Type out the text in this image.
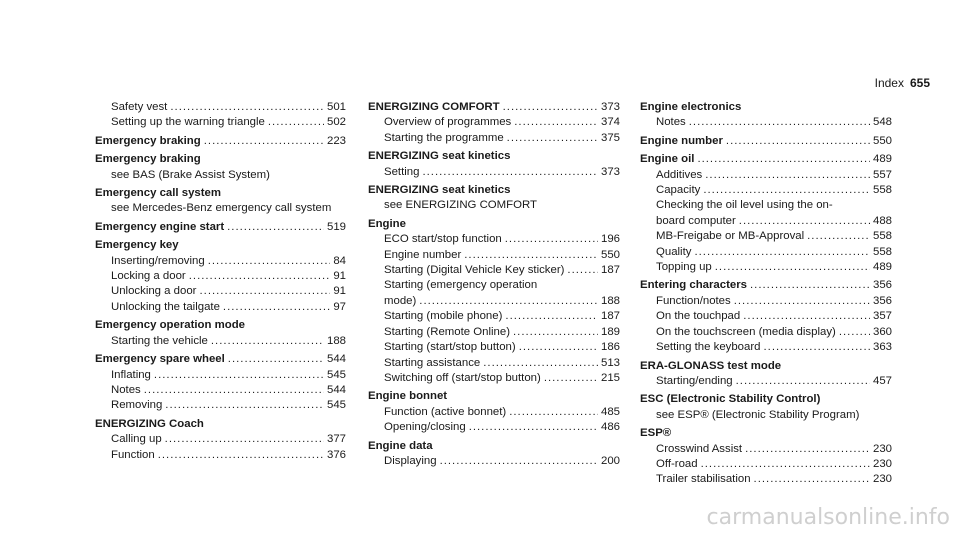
Index 655
Safety vest .....	501
Setting up the warning triangle .....	502
Emergency braking .....	223
Emergency braking
see BAS (Brake Assist System)
Emergency call system
see Mercedes-Benz emergency call system
Emergency engine start .....	519
Emergency key
Inserting/removing .....	84
Locking a door .....	91
Unlocking a door .....	91
Unlocking the tailgate .....	97
Emergency operation mode
Starting the vehicle .....	188
Emergency spare wheel .....	544
Inflating .....	545
Notes .....	544
Removing .....	545
ENERGIZING Coach
Calling up .....	377
Function .....	376
ENERGIZING COMFORT .....	373
Overview of programmes .....	374
Starting the programme .....	375
ENERGIZING seat kinetics
Setting .....	373
ENERGIZING seat kinetics
see ENERGIZING COMFORT
Engine
ECO start/stop function .....	196
Engine number .....	550
Starting (Digital Vehicle Key sticker) .....	187
Starting (emergency operation
mode) .....	188
Starting (mobile phone) .....	187
Starting (Remote Online) .....	189
Starting (start/stop button) .....	186
Starting assistance .....	513
Switching off (start/stop button) .....	215
Engine bonnet
Function (active bonnet) .....	485
Opening/closing .....	486
Engine data
Displaying .....	200
Engine electronics
Notes .....	548
Engine number .....	550
Engine oil .....	489
Additives .....	557
Capacity .....	558
Checking the oil level using the on-
board computer .....	488
MB-Freigabe or MB-Approval .....	558
Quality .....	558
Topping up .....	489
Entering characters .....	356
Function/notes .....	356
On the touchpad .....	357
On the touchscreen (media display) .....	360
Setting the keyboard .....	363
ERA-GLONASS test mode
Starting/ending .....	457
ESC (Electronic Stability Control)
see ESP® (Electronic Stability Program)
ESP®
Crosswind Assist .....	230
Off-road .....	230
Trailer stabilisation .....	230
carmanualsonline.info
